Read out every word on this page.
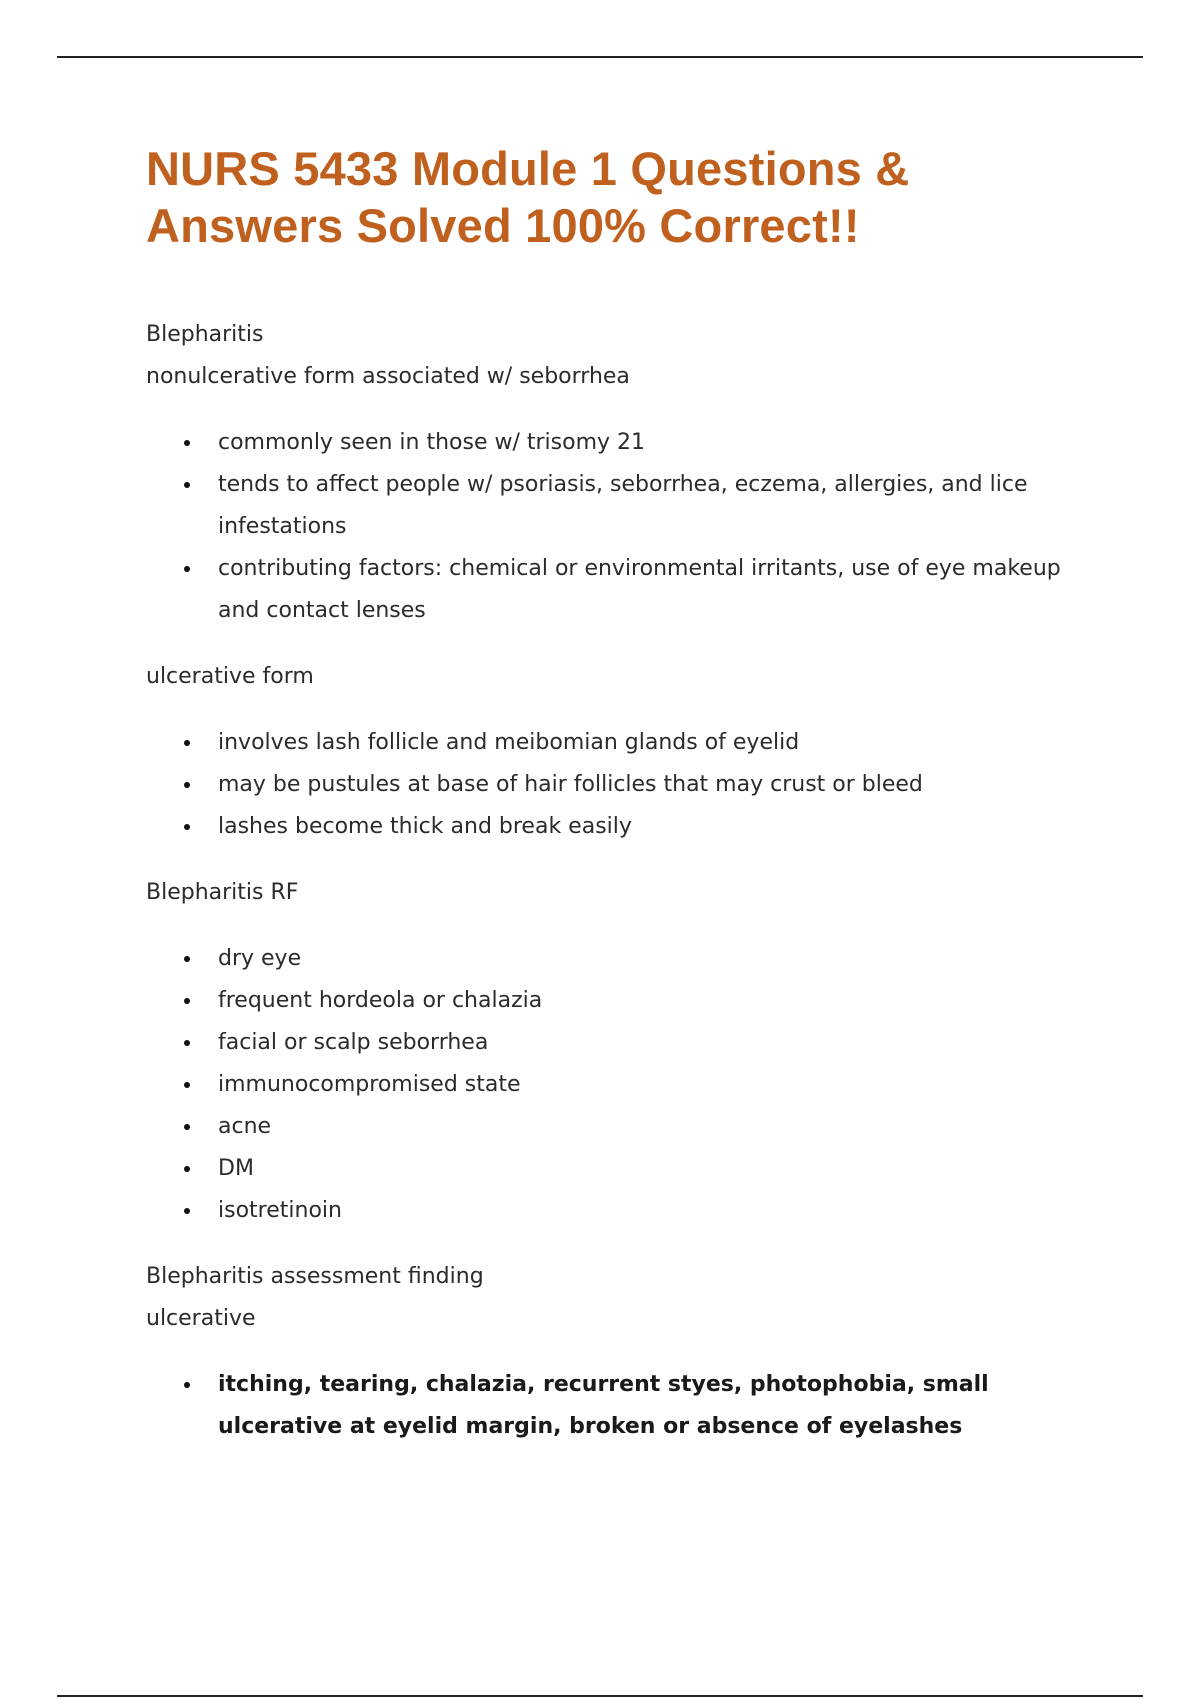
NURS 5433 Module 1 Questions &
Answers Solved 100% Correct!!

Blepharitis

nonulcerative form associated w/ seborrhea

commonly seen in those w/ trisomy 21
tends to affect people w/ psoriasis, seborrhea, eczema, allergies, and lice infestations
contributing factors: chemical or environmental irritants, use of eye makeup and contact lenses

ulcerative form

involves lash follicle and meibomian glands of eyelid
may be pustules at base of hair follicles that may crust or bleed
lashes become thick and break easily

Blepharitis RF

dry eye
frequent hordeola or chalazia
facial or scalp seborrhea
immunocompromised state
acne
DM
isotretinoin

Blepharitis assessment finding

ulcerative

itching, tearing, chalazia, recurrent styes, photophobia, small ulcerative at eyelid margin, broken or absence of eyelashes
